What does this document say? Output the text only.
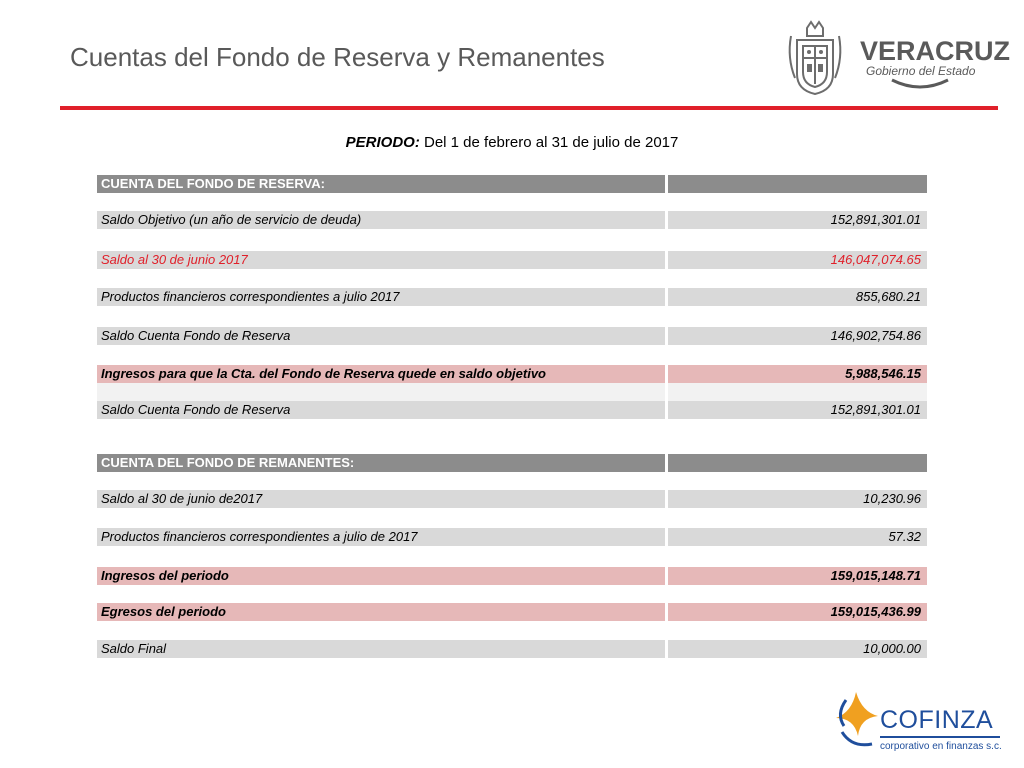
Cuentas del Fondo de Reserva y Remanentes	VERACRUZ
Gobierno del Estado
PERIODO: Del 1 de febrero al 31 de julio de 2017
CUENTA DEL FONDO DE RESERVA:
Saldo Objetivo (un año de servicio de deuda)	152,891,301.01
Saldo al 30 de junio 2017	146,047,074.65
Productos financieros correspondientes a julio 2017	855,680.21
Saldo Cuenta Fondo de Reserva	146,902,754.86
Ingresos para que la Cta. del Fondo de Reserva quede en saldo objetivo	5,988,546.15
Saldo Cuenta Fondo de Reserva	152,891,301.01
CUENTA DEL FONDO DE REMANENTES:
Saldo al 30 de junio de2017	10,230.96
Productos financieros correspondientes a julio de 2017	57.32
Ingresos del periodo	159,015,148.71
Egresos del periodo	159,015,436.99
Saldo Final	10,000.00
COFINZA
corporativo en finanzas s.c.
